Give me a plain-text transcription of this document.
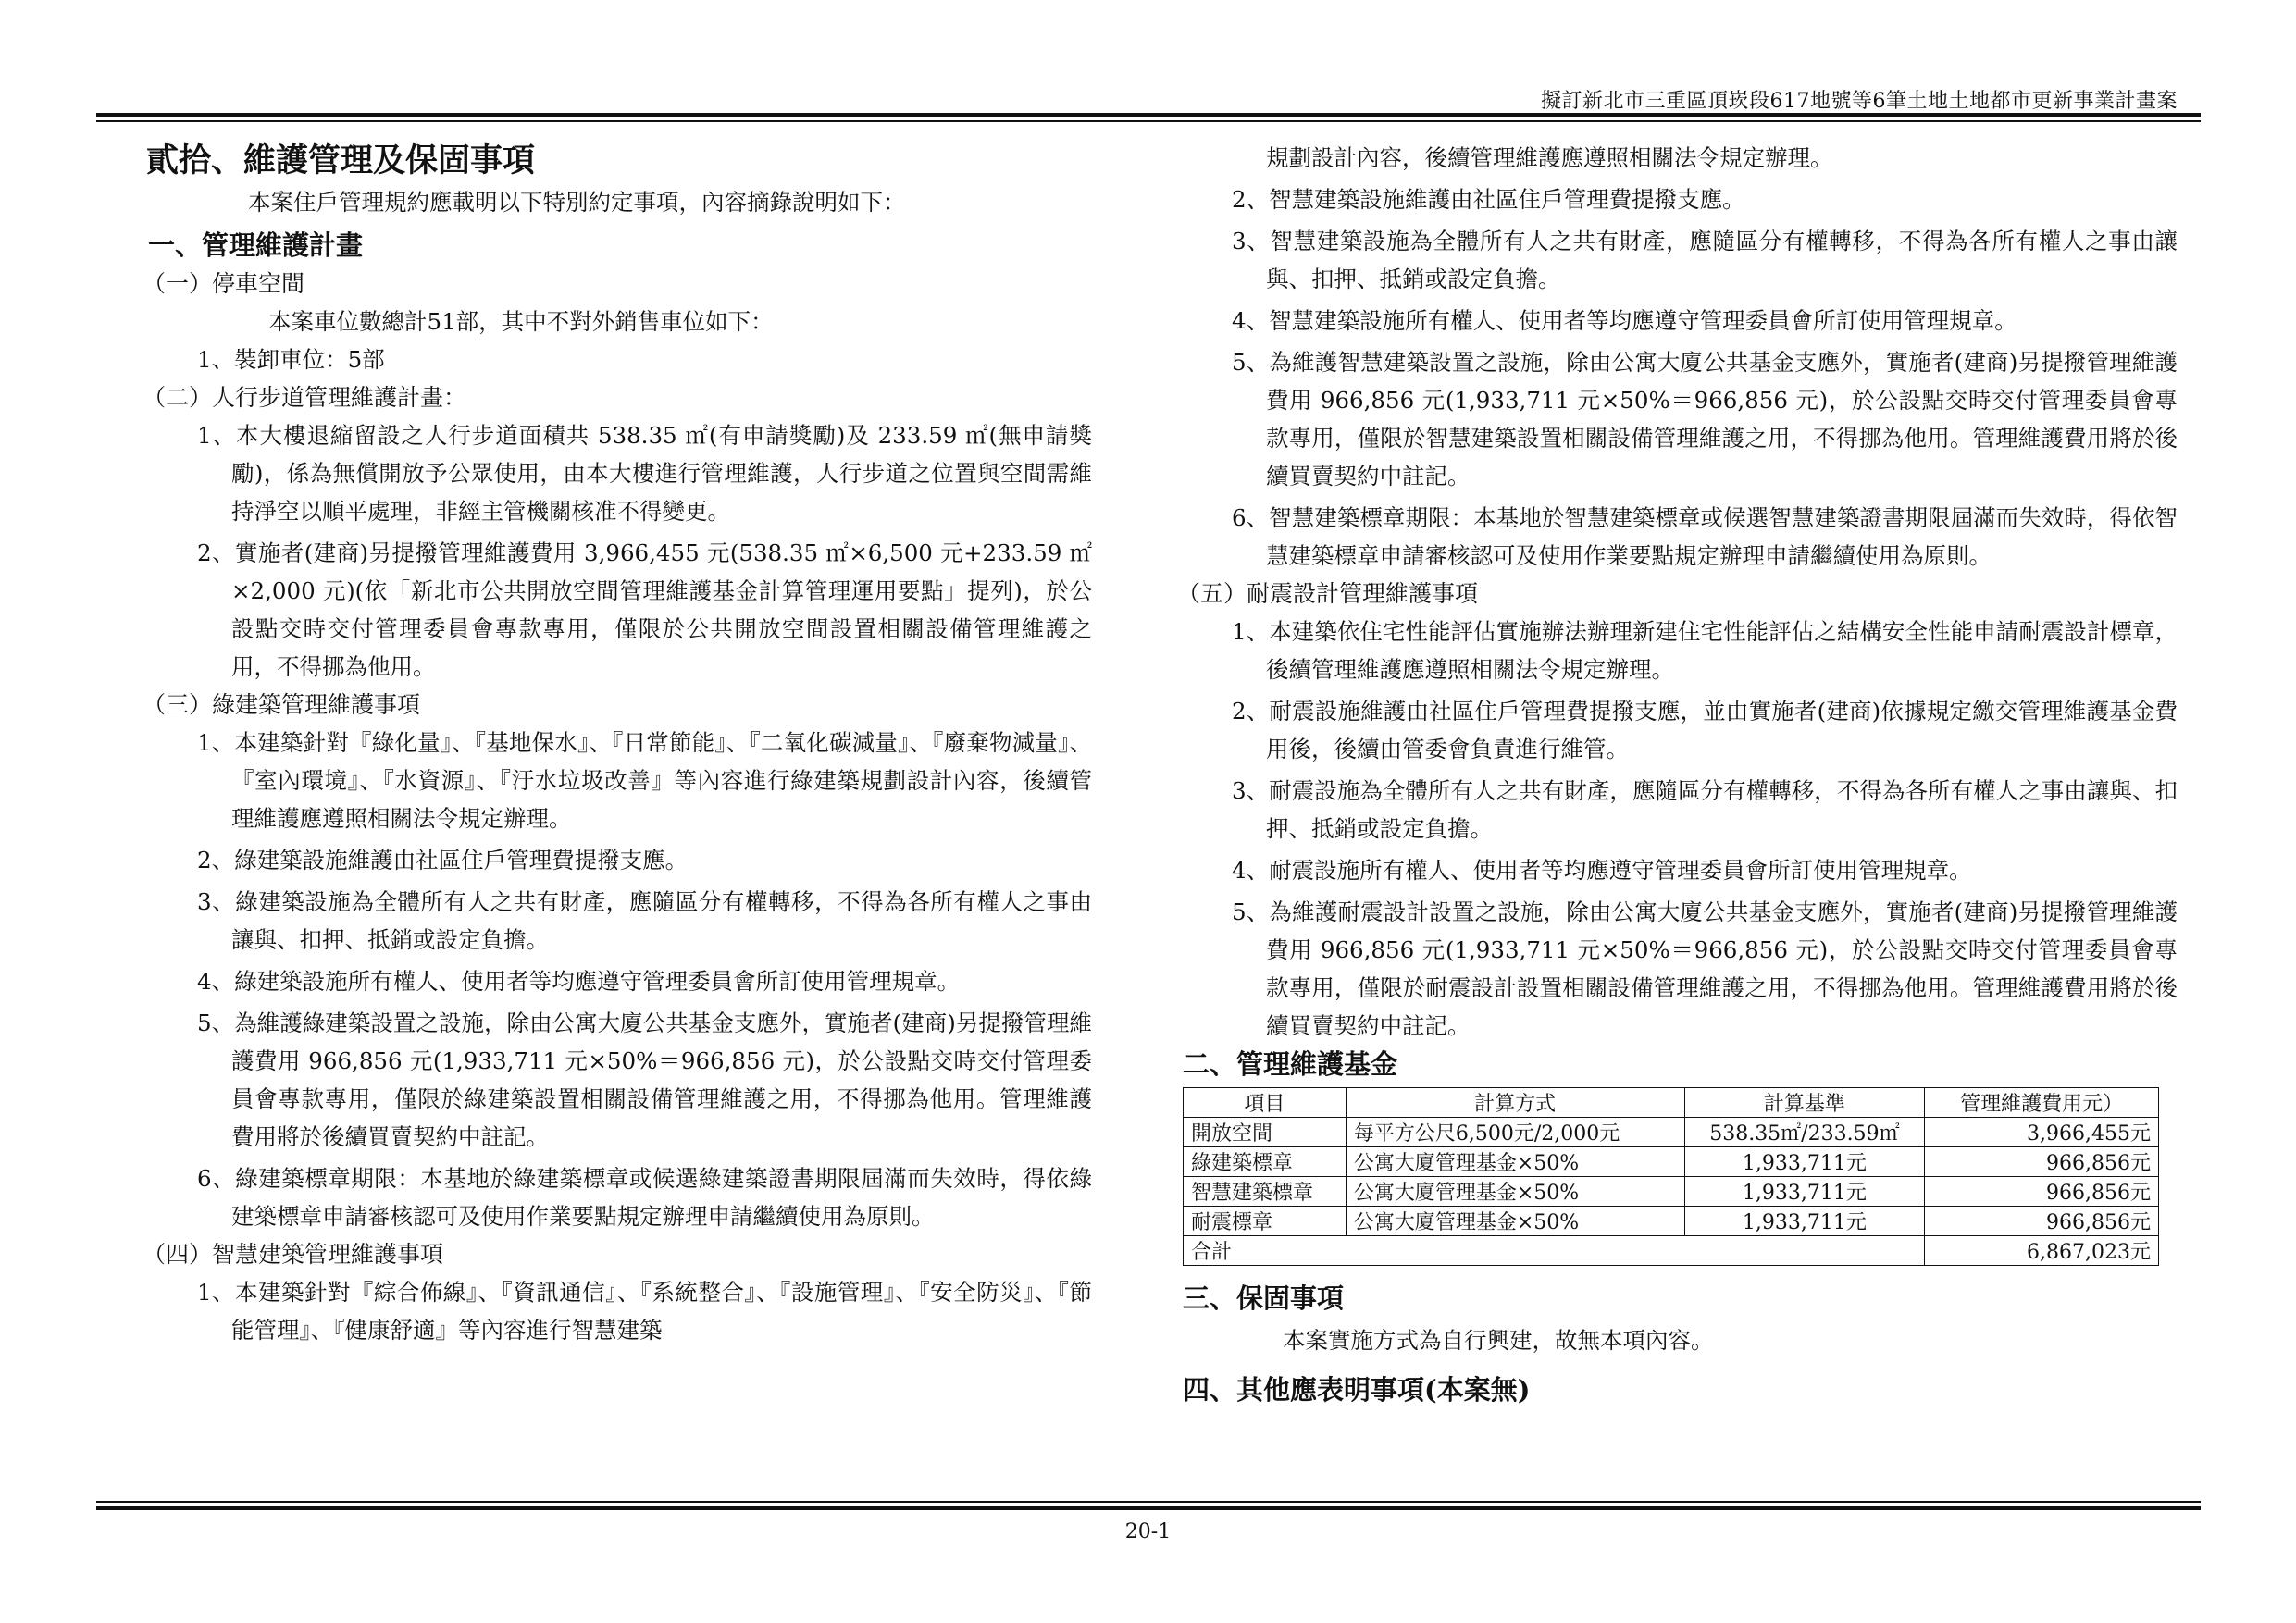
擬訂新北市三重區頂崁段617地號等6筆土地土地都市更新事業計畫案
貳拾、維護管理及保固事項
本案住戶管理規約應載明以下特別約定事項，內容摘錄說明如下：
一、管理維護計畫
（一）停車空間
本案車位數總計51部，其中不對外銷售車位如下：
1、裝卸車位：5部
（二）人行步道管理維護計畫：
1、本大樓退縮留設之人行步道面積共 538.35 ㎡(有申請獎勵)及 233.59 ㎡(無申請獎勵)，係為無償開放予公眾使用，由本大樓進行管理維護，人行步道之位置與空間需維持淨空以順平處理，非經主管機關核准不得變更。
2、實施者(建商)另提撥管理維護費用 3,966,455 元(538.35 ㎡×6,500 元+233.59 ㎡×2,000 元)(依「新北市公共開放空間管理維護基金計算管理運用要點」提列)，於公設點交時交付管理委員會專款專用，僅限於公共開放空間設置相關設備管理維護之用，不得挪為他用。
（三）綠建築管理維護事項
1、本建築針對『綠化量』、『基地保水』、『日常節能』、『二氧化碳減量』、『廢棄物減量』、『室內環境』、『水資源』、『汙水垃圾改善』等內容進行綠建築規劃設計內容，後續管理維護應遵照相關法令規定辦理。
2、綠建築設施維護由社區住戶管理費提撥支應。
3、綠建築設施為全體所有人之共有財產，應隨區分有權轉移，不得為各所有權人之事由讓與、扣押、抵銷或設定負擔。
4、綠建築設施所有權人、使用者等均應遵守管理委員會所訂使用管理規章。
5、為維護綠建築設置之設施，除由公寓大廈公共基金支應外，實施者(建商)另提撥管理維護費用 966,856 元(1,933,711 元×50%＝966,856 元)，於公設點交時交付管理委員會專款專用，僅限於綠建築設置相關設備管理維護之用，不得挪為他用。管理維護費用將於後續買賣契約中註記。
6、綠建築標章期限：本基地於綠建築標章或候選綠建築證書期限屆滿而失效時，得依綠建築標章申請審核認可及使用作業要點規定辦理申請繼續使用為原則。
（四）智慧建築管理維護事項
1、本建築針對『綜合佈線』、『資訊通信』、『系統整合』、『設施管理』、『安全防災』、『節能管理』、『健康舒適』等內容進行智慧建築
規劃設計內容，後續管理維護應遵照相關法令規定辦理。
2、智慧建築設施維護由社區住戶管理費提撥支應。
3、智慧建築設施為全體所有人之共有財產，應隨區分有權轉移，不得為各所有權人之事由讓與、扣押、抵銷或設定負擔。
4、智慧建築設施所有權人、使用者等均應遵守管理委員會所訂使用管理規章。
5、為維護智慧建築設置之設施，除由公寓大廈公共基金支應外，實施者(建商)另提撥管理維護費用 966,856 元(1,933,711 元×50%＝966,856 元)，於公設點交時交付管理委員會專款專用，僅限於智慧建築設置相關設備管理維護之用，不得挪為他用。管理維護費用將於後續買賣契約中註記。
6、智慧建築標章期限：本基地於智慧建築標章或候選智慧建築證書期限屆滿而失效時，得依智慧建築標章申請審核認可及使用作業要點規定辦理申請繼續使用為原則。
（五）耐震設計管理維護事項
1、本建築依住宅性能評估實施辦法辦理新建住宅性能評估之結構安全性能申請耐震設計標章，後續管理維護應遵照相關法令規定辦理。
2、耐震設施維護由社區住戶管理費提撥支應，並由實施者(建商)依據規定繳交管理維護基金費用後，後續由管委會負責進行維管。
3、耐震設施為全體所有人之共有財產，應隨區分有權轉移，不得為各所有權人之事由讓與、扣押、抵銷或設定負擔。
4、耐震設施所有權人、使用者等均應遵守管理委員會所訂使用管理規章。
5、為維護耐震設計設置之設施，除由公寓大廈公共基金支應外，實施者(建商)另提撥管理維護費用 966,856 元(1,933,711 元×50%＝966,856 元)，於公設點交時交付管理委員會專款專用，僅限於耐震設計設置相關設備管理維護之用，不得挪為他用。管理維護費用將於後續買賣契約中註記。
二、管理維護基金
項目	計算方式	計算基準	管理維護費用元）
開放空間	每平方公尺6,500元/2,000元	538.35㎡/233.59㎡	3,966,455元
綠建築標章	公寓大廈管理基金×50%	1,933,711元	966,856元
智慧建築標章	公寓大廈管理基金×50%	1,933,711元	966,856元
耐震標章	公寓大廈管理基金×50%	1,933,711元	966,856元
合計			6,867,023元
三、保固事項
本案實施方式為自行興建，故無本項內容。
四、其他應表明事項(本案無)
20-1
